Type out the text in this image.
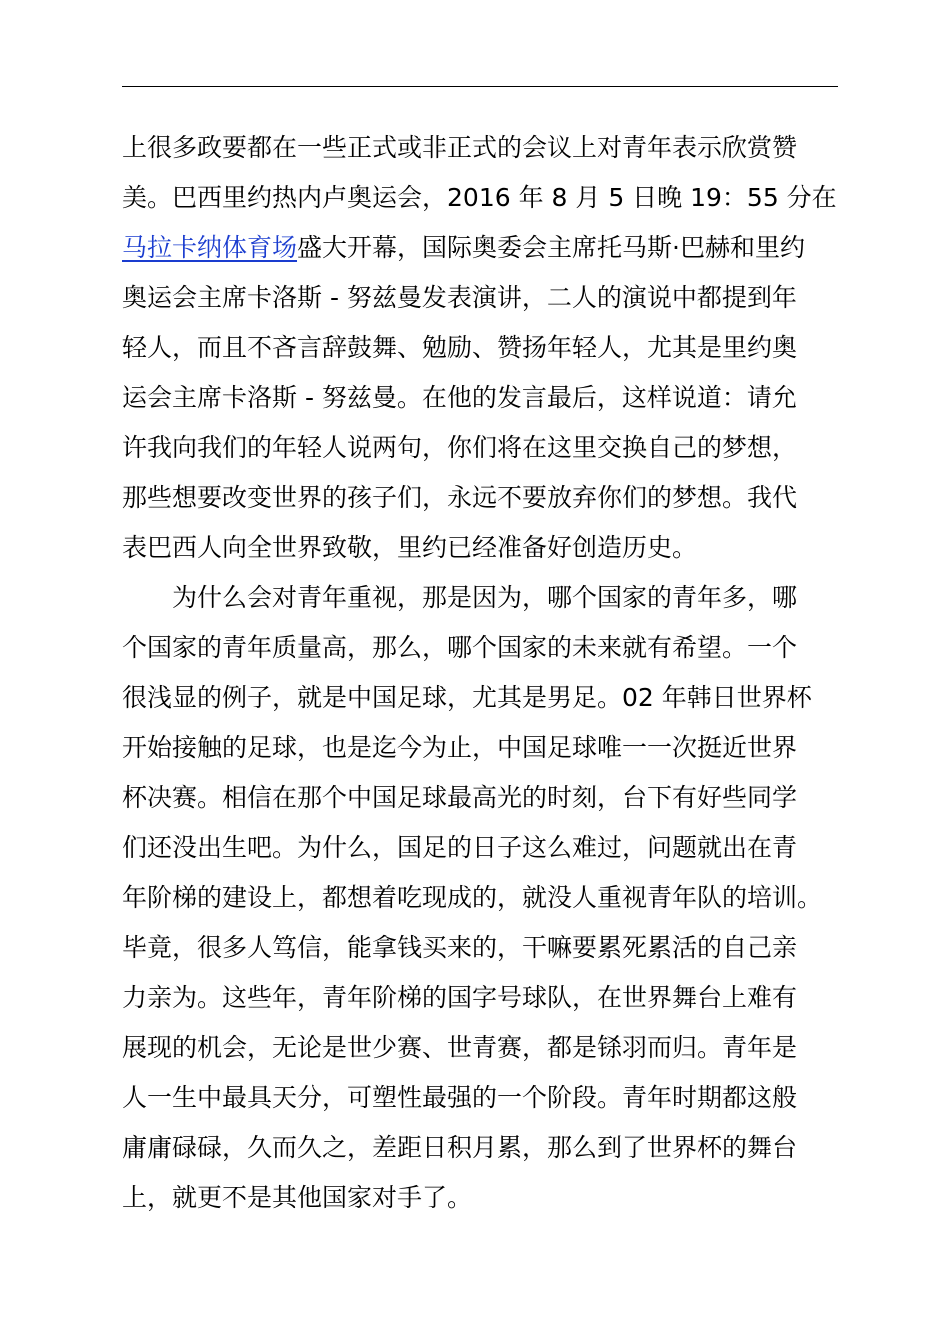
上很多政要都在一些正式或非正式的会议上对青年表示欣赏赞
美。巴西里约热内卢奥运会，2016 年 8 月 5 日晚 19：55 分在
马拉卡纳体育场盛大开幕，国际奥委会主席托马斯·巴赫和里约
奥运会主席卡洛斯 - 努兹曼发表演讲，二人的演说中都提到年
轻人，而且不吝言辞鼓舞、勉励、赞扬年轻人，尤其是里约奥
运会主席卡洛斯 - 努兹曼。在他的发言最后，这样说道：请允
许我向我们的年轻人说两句，你们将在这里交换自己的梦想，
那些想要改变世界的孩子们，永远不要放弃你们的梦想。我代
表巴西人向全世界致敬，里约已经准备好创造历史。
为什么会对青年重视，那是因为，哪个国家的青年多，哪
个国家的青年质量高，那么，哪个国家的未来就有希望。一个
很浅显的例子，就是中国足球，尤其是男足。02 年韩日世界杯
开始接触的足球，也是迄今为止，中国足球唯一一次挺近世界
杯决赛。相信在那个中国足球最高光的时刻，台下有好些同学
们还没出生吧。为什么，国足的日子这么难过，问题就出在青
年阶梯的建设上，都想着吃现成的，就没人重视青年队的培训。
毕竟，很多人笃信，能拿钱买来的，干嘛要累死累活的自己亲
力亲为。这些年，青年阶梯的国字号球队，在世界舞台上难有
展现的机会，无论是世少赛、世青赛，都是铩羽而归。青年是
人一生中最具天分，可塑性最强的一个阶段。青年时期都这般
庸庸碌碌，久而久之，差距日积月累，那么到了世界杯的舞台
上，就更不是其他国家对手了。
